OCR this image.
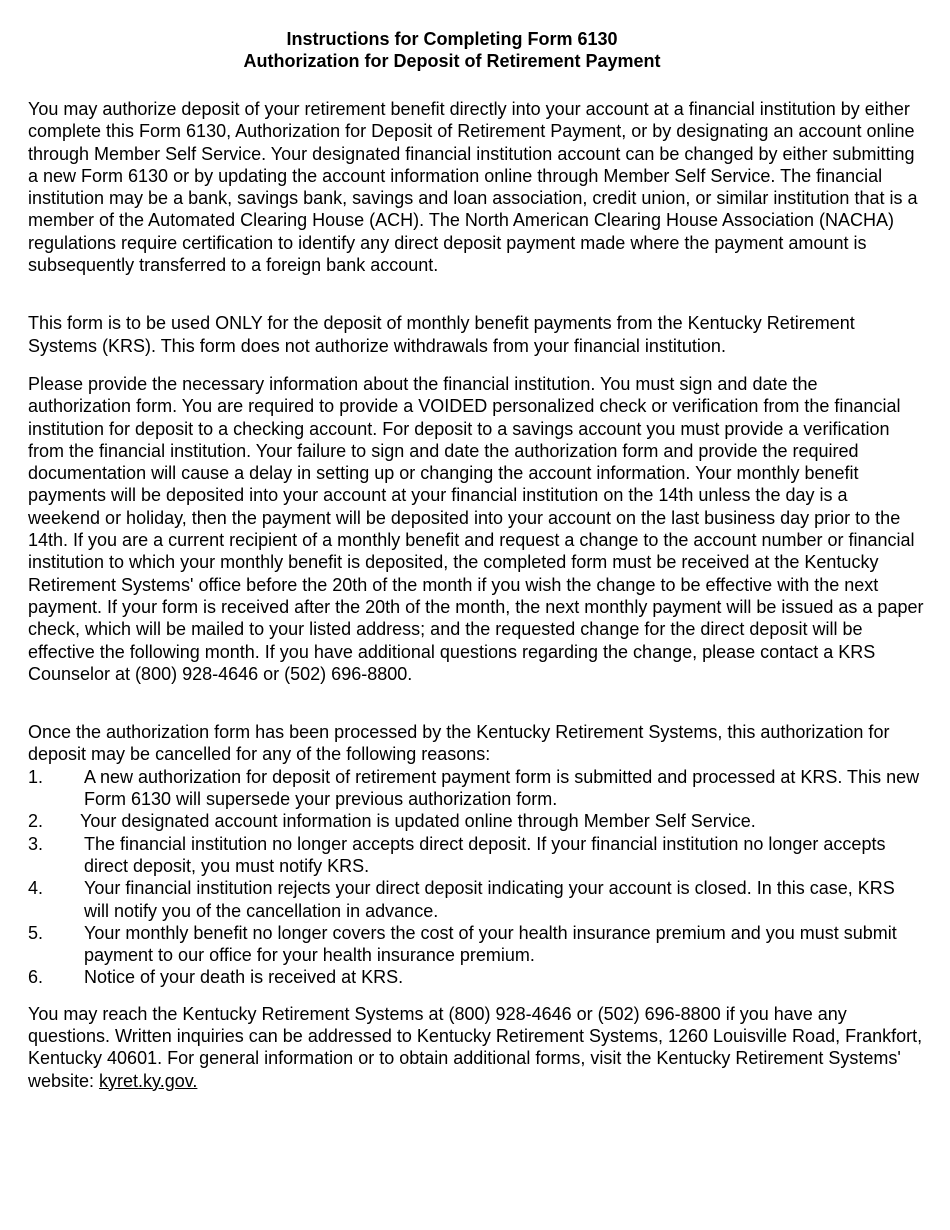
Instructions for Completing Form 6130
Authorization for Deposit of Retirement Payment

You may authorize deposit of your retirement benefit directly into your account at a financial institution by either complete this Form 6130, Authorization for Deposit of Retirement Payment, or by designating an account online through Member Self Service. Your designated financial institution account can be changed by either submitting a new Form 6130 or by updating the account information online through Member Self Service. The financial institution may be a bank, savings bank, savings and loan association, credit union, or similar institution that is a member of the Automated Clearing House (ACH). The North American Clearing House Association (NACHA) regulations require certification to identify any direct deposit payment made where the payment amount is subsequently transferred to a foreign bank account.

This form is to be used ONLY for the deposit of monthly benefit payments from the Kentucky Retirement Systems (KRS). This form does not authorize withdrawals from your financial institution.

Please provide the necessary information about the financial institution. You must sign and date the authorization form. You are required to provide a VOIDED personalized check or verification from the financial institution for deposit to a checking account. For deposit to a savings account you must provide a verification from the financial institution. Your failure to sign and date the authorization form and provide the required documentation will cause a delay in setting up or changing the account information. Your monthly benefit payments will be deposited into your account at your financial institution on the 14th unless the day is a weekend or holiday, then the payment will be deposited into your account on the last business day prior to the 14th. If you are a current recipient of a monthly benefit and request a change to the account number or financial institution to which your monthly benefit is deposited, the completed form must be received at the Kentucky Retirement Systems' office before the 20th of the month if you wish the change to be effective with the next payment. If your form is received after the 20th of the month, the next monthly payment will be issued as a paper check, which will be mailed to your listed address; and the requested change for the direct deposit will be effective the following month. If you have additional questions regarding the change, please contact a KRS Counselor at (800) 928-4646 or (502) 696-8800.

Once the authorization form has been processed by the Kentucky Retirement Systems, this authorization for deposit may be cancelled for any of the following reasons:

1. A new authorization for deposit of retirement payment form is submitted and processed at KRS. This new Form 6130 will supersede your previous authorization form.
2. Your designated account information is updated online through Member Self Service.
3. The financial institution no longer accepts direct deposit. If your financial institution no longer accepts direct deposit, you must notify KRS.
4. Your financial institution rejects your direct deposit indicating your account is closed. In this case, KRS will notify you of the cancellation in advance.
5. Your monthly benefit no longer covers the cost of your health insurance premium and you must submit payment to our office for your health insurance premium.
6. Notice of your death is received at KRS.

You may reach the Kentucky Retirement Systems at (800) 928-4646 or (502) 696-8800 if you have any questions. Written inquiries can be addressed to Kentucky Retirement Systems, 1260 Louisville Road, Frankfort, Kentucky 40601. For general information or to obtain additional forms, visit the Kentucky Retirement Systems' website: kyret.ky.gov.
